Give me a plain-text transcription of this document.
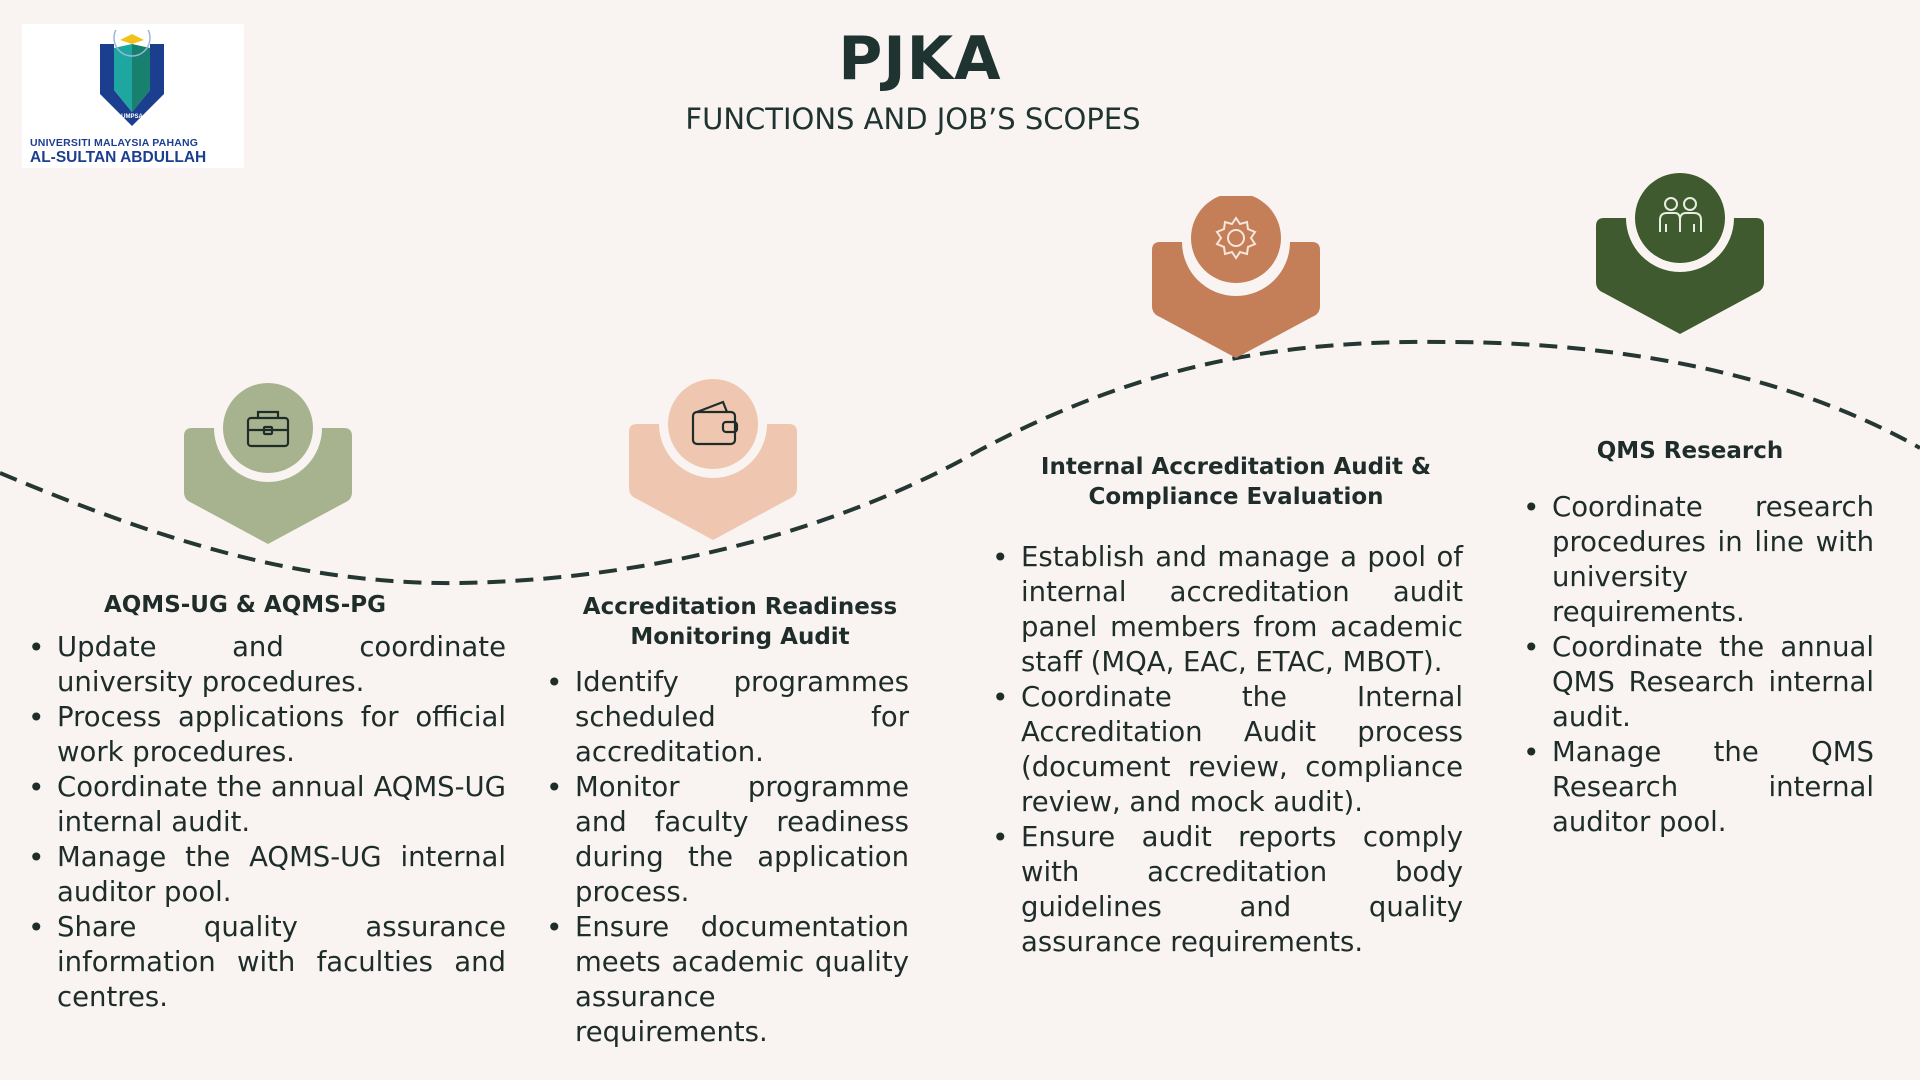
UMPSA
UNIVERSITI MALAYSIA PAHANG
AL-SULTAN ABDULLAH
PJKA
FUNCTIONS AND JOB’S SCOPES
AQMS-UG & AQMS-PG
• Update and coordinate university procedures.
• Process applications for official work procedures.
• Coordinate the annual AQMS-UG internal audit.
• Manage the AQMS-UG internal auditor pool.
• Share quality assurance information with faculties and centres.
Accreditation Readiness Monitoring Audit
• Identify programmes scheduled for accreditation.
• Monitor programme and faculty readiness during the application process.
• Ensure documentation meets academic quality assurance requirements.
Internal Accreditation Audit & Compliance Evaluation
• Establish and manage a pool of internal accreditation audit panel members from academic staff (MQA, EAC, ETAC, MBOT).
• Coordinate the Internal Accreditation Audit process (document review, compliance review, and mock audit).
• Ensure audit reports comply with accreditation body guidelines and quality assurance requirements.
QMS Research
• Coordinate research procedures in line with university requirements.
• Coordinate the annual QMS Research internal audit.
• Manage the QMS Research internal auditor pool.
